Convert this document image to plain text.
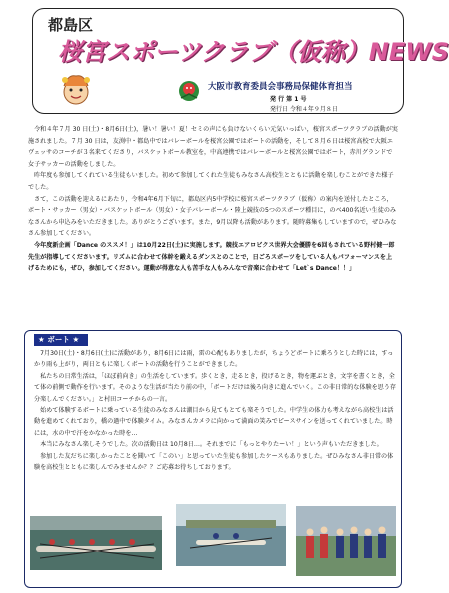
都島区
桜宮スポーツクラブ（仮称）NEWS
大阪市教育委員会事務局保健体育担当
発 行 第 1 号
発行日 令和４年９月８日

令和４年７月 30 日(土)・8月6日(土)，暑い！暑い！夏！セミの声にも負けないくらい元気いっぱい，桜宮スポーツクラブの活動が実施されました。７月 30 日は，友渕中・都島中ではバレーボールを桜宮公園ではボートの活動を，そして８月６日は桜宮高校で大阪エヴェッサのコーチが３名来てくださり，バスケットボール教室を，中高連携ではバレーボールと桜宮公園ではボート，赤川グランドで女子サッカーの活動をしました。

昨年度も参加してくれている生徒もいました。初めて参加してくれた生徒もみなさん高校生とともに活動を楽しむことができた様子でした。

さて，この活動を迎えるにあたり，令和4年6月下旬に，都島区内5中学校に桜宮スポーツクラブ（仮称）の案内を送付したところ，ボート・サッカー（男女）・バスケットボール（男女）・女子バレーボール・陸上競技の5つのスポーツ種目に，のべ400名近い生徒のみなさんから申込みをいただきました。ありがとうございます。また，9月以降も活動があります。随時募集もしていますので，ぜひみなさん参加してください。

今年度新企画「Dance のススメ！」は10月22日(土)に実施します。競技エアロビクス世界大会優勝を6回もされている野村健一郎先生が指導してくださいます。リズムに合わせて体幹を鍛えるダンスとのことで，日ごろスポーツをしている人もパフォーマンスを上げるためにも，ぜひ，参加してください。運動が得意な人も苦手な人もみんなで音楽に合わせて「Let`s Dance！！」

★ ボート ★

7月30日(土)・8月6日(土)に活動があり，8月6日には雨，雷の心配もありましたが，ちょうどボートに乗ろうとした時には，すっかり雨も上がり，両日ともに楽しくボートの活動を行うことができました。

私たちの日常生活は，「ほぼ前向き」の生活をしています。歩くとき，走るとき，投げるとき，物を運ぶとき，文字を書くとき，全て体の前側で動作を行います。そのような生活が当たり前の中，「ボートだけは後ろ向きに進んでいく。この非日常的な体験を思う存分楽しんでください。」と村田コーチからの一言。

始めて体験するボートに乗っている生徒のみなさんは潮目から見てもとても楽そうでした。中学生の体力も考えながら高校生は活動を進めてくれており，橋の過中で体験タイム。みなさんカメラに向かって満面の笑みでピースサインを送ってくれていました。時には，水の中で汗をかなかった時を…

本当にみなさん楽しそうでした。次の活動日は 10月8日…。それまでに「もっとやりたーい！」という声もいただきました。

参加した友だちに楽しかったことを聞いて「このい」と思っていた生徒も参加したケースもありました。ぜひみなさん非日常の体験を高校生とともに楽しんでみませんか？？ご応募お待ちしております。
